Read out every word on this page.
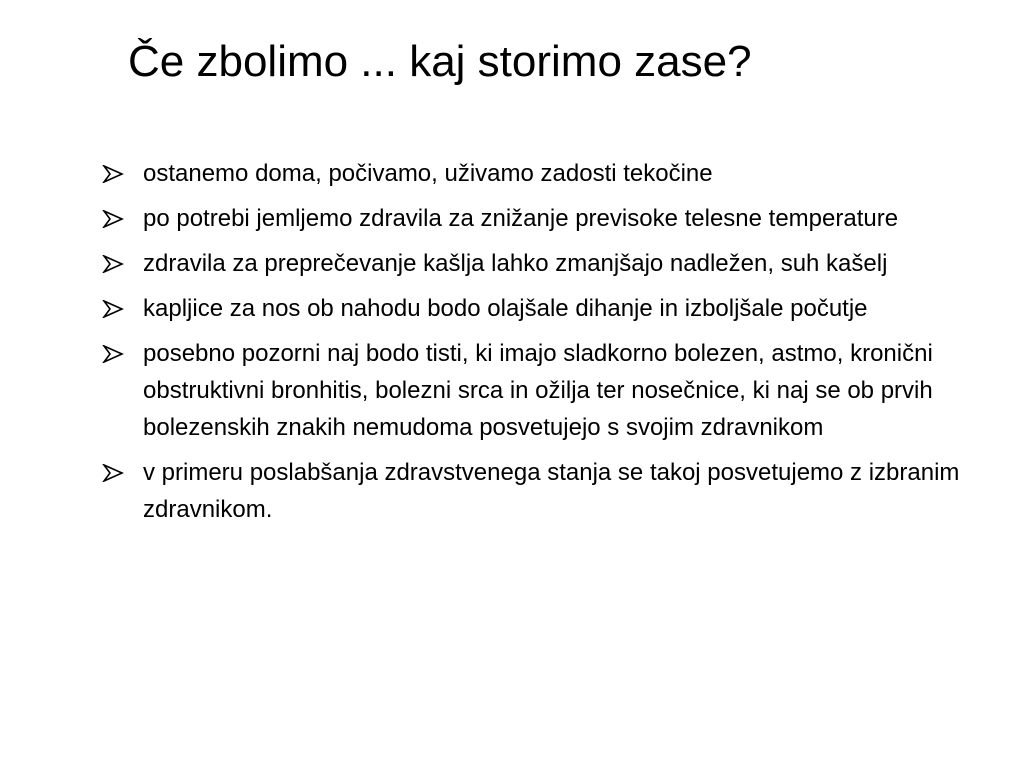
Če zbolimo ... kaj storimo zase?
ostanemo doma, počivamo, uživamo zadosti tekočine
po potrebi jemljemo zdravila za znižanje previsoke telesne temperature
zdravila za preprečevanje kašlja lahko zmanjšajo nadležen, suh kašelj
kapljice za nos ob nahodu bodo olajšale dihanje in izboljšale počutje
posebno pozorni naj bodo tisti, ki imajo sladkorno bolezen, astmo, kronični obstruktivni bronhitis, bolezni srca in ožilja ter nosečnice, ki naj se ob prvih bolezenskih znakih nemudoma posvetujejo s svojim zdravnikom
v primeru poslabšanja zdravstvenega stanja se takoj posvetujemo z izbranim zdravnikom.
